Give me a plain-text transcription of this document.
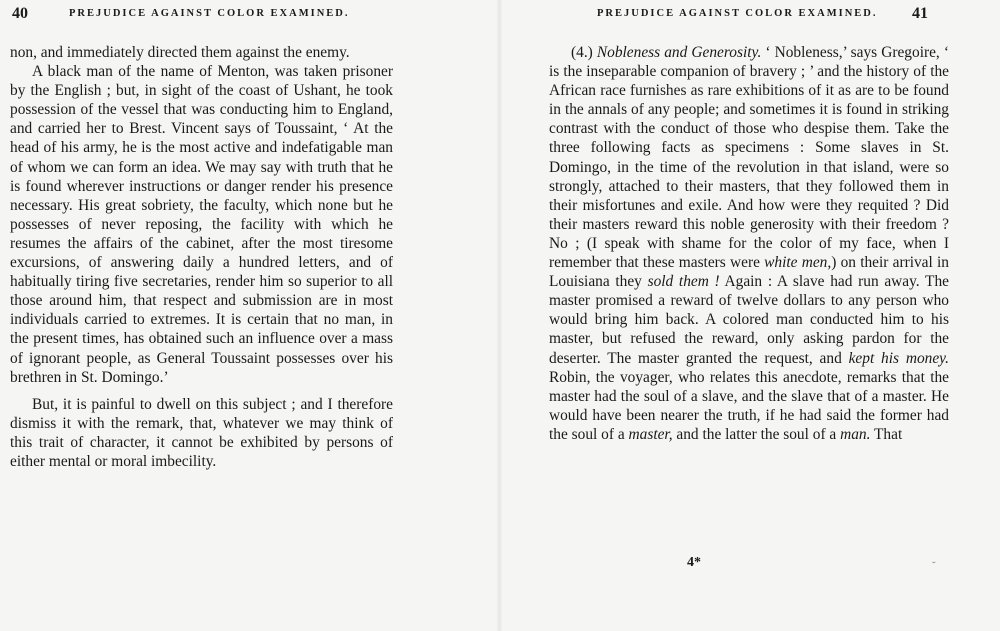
40	PREJUDICE AGAINST COLOR EXAMINED.

non, and immediately directed them against the enemy.

A black man of the name of Menton, was taken prisoner by the English ; but, in sight of the coast of Ushant, he took possession of the vessel that was conducting him to England, and carried her to Brest. Vincent says of Toussaint, ‘ At the head of his army, he is the most active and indefatigable man of whom we can form an idea. We may say with truth that he is found wherever instructions or danger render his presence necessary. His great sobriety, the faculty, which none but he possesses of never reposing, the facility with which he resumes the affairs of the cabinet, after the most tiresome excursions, of answering daily a hundred letters, and of habitually tiring five secretaries, render him so superior to all those around him, that respect and submission are in most individuals carried to extremes. It is certain that no man, in the present times, has obtained such an influence over a mass of ignorant people, as General Toussaint possesses over his brethren in St. Domingo.’

But, it is painful to dwell on this subject ; and I therefore dismiss it with the remark, that, whatever we may think of this trait of character, it cannot be exhibited by persons of either mental or moral imbecility.

PREJUDICE AGAINST COLOR EXAMINED. 41

(4.) Nobleness and Generosity. ‘ Nobleness,’ says Gregoire, ‘ is the inseparable companion of bravery ; ’ and the history of the African race furnishes as rare exhibitions of it as are to be found in the annals of any people; and sometimes it is found in striking contrast with the conduct of those who despise them. Take the three following facts as specimens : Some slaves in St. Domingo, in the time of the revolution in that island, were so strongly, attached to their masters, that they followed them in their misfortunes and exile. And how were they requited ? Did their masters reward this noble generosity with their freedom ? No ; (I speak with shame for the color of my face, when I remember that these masters were white men,) on their arrival in Louisiana they sold them ! Again : A slave had run away. The master promised a reward of twelve dollars to any person who would bring him back. A colored man conducted him to his master, but refused the reward, only asking pardon for the deserter. The master granted the request, and kept his money. Robin, the voyager, who relates this anecdote, remarks that the master had the soul of a slave, and the slave that of a master. He would have been nearer the truth, if he had said the former had the soul of a master, and the latter the soul of a man. That

4*	˘
